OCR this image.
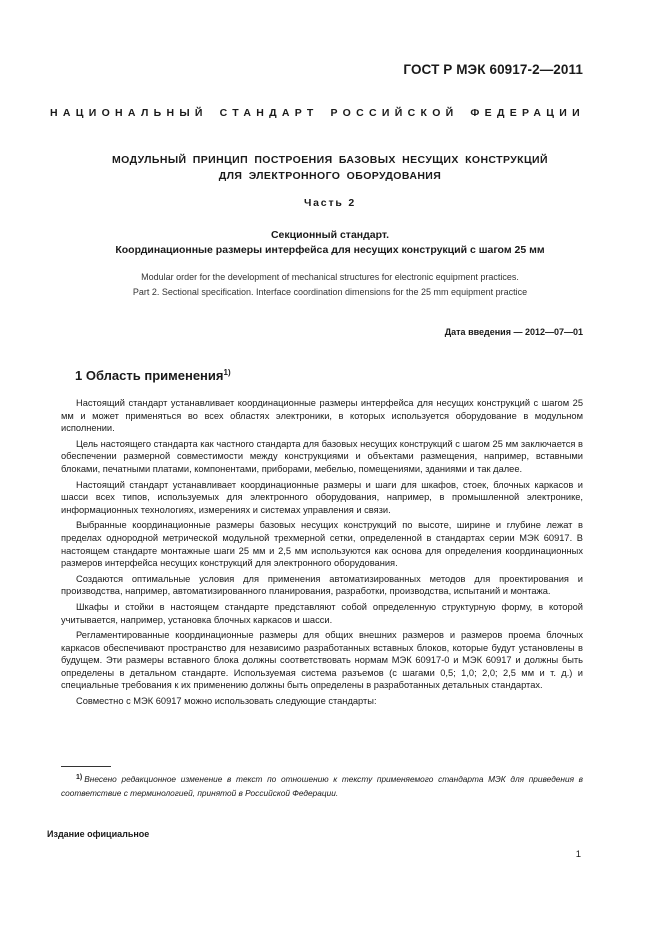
ГОСТ Р МЭК 60917-2—2011
НАЦИОНАЛЬНЫЙ СТАНДАРТ РОССИЙСКОЙ ФЕДЕРАЦИИ
МОДУЛЬНЫЙ ПРИНЦИП ПОСТРОЕНИЯ БАЗОВЫХ НЕСУЩИХ КОНСТРУКЦИЙ
ДЛЯ ЭЛЕКТРОННОГО ОБОРУДОВАНИЯ
Часть 2
Секционный стандарт.
Координационные размеры интерфейса для несущих конструкций с шагом 25 мм
Modular order for the development of mechanical structures for electronic equipment practices.
Part 2. Sectional specification. Interface coordination dimensions for the 25 mm equipment practice
Дата введения — 2012—07—01
1 Область применения$^{1)}$

Настоящий стандарт устанавливает координационные размеры интерфейса для несущих конструкций с шагом 25 мм и может применяться во всех областях электроники, в которых используется оборудование в модульном исполнении.

Цель настоящего стандарта как частного стандарта для базовых несущих конструкций с шагом 25 мм заключается в обеспечении размерной совместимости между конструкциями и объектами размещения, например, вставными блоками, печатными платами, компонентами, приборами, мебелью, помещениями, зданиями и так далее.

Настоящий стандарт устанавливает координационные размеры и шаги для шкафов, стоек, блочных каркасов и шасси всех типов, используемых для электронного оборудования, например, в промышленной электронике, информационных технологиях, измерениях и системах управления и связи.

Выбранные координационные размеры базовых несущих конструкций по высоте, ширине и глубине лежат в пределах однородной метрической модульной трехмерной сетки, определенной в стандартах серии МЭК 60917. В настоящем стандарте монтажные шаги 25 мм и 2,5 мм используются как основа для определения координационных размеров интерфейса несущих конструкций для электронного оборудования.

Создаются оптимальные условия для применения автоматизированных методов для проектирования и производства, например, автоматизированного планирования, разработки, производства, испытаний и монтажа.

Шкафы и стойки в настоящем стандарте представляют собой определенную структурную форму, в которой учитывается, например, установка блочных каркасов и шасси.

Регламентированные координационные размеры для общих внешних размеров и размеров проема блочных каркасов обеспечивают пространство для независимо разработанных вставных блоков, которые будут установлены в будущем. Эти размеры вставного блока должны соответствовать нормам МЭК 60917-0 и МЭК 60917 и должны быть определены в детальном стандарте. Используемая система разъемов (с шагами 0,5; 1,0; 2,0; 2,5 мм и т. д.) и специальные требования к их применению должны быть определены в разработанных детальных стандартах.

Совместно с МЭК 60917 можно использовать следующие стандарты:

$^{1)}$ Внесено редакционное изменение в текст по отношению к тексту применяемого стандарта МЭК для приведения в соответствие с терминологией, принятой в Российской Федерации.
Издание официальное
1
